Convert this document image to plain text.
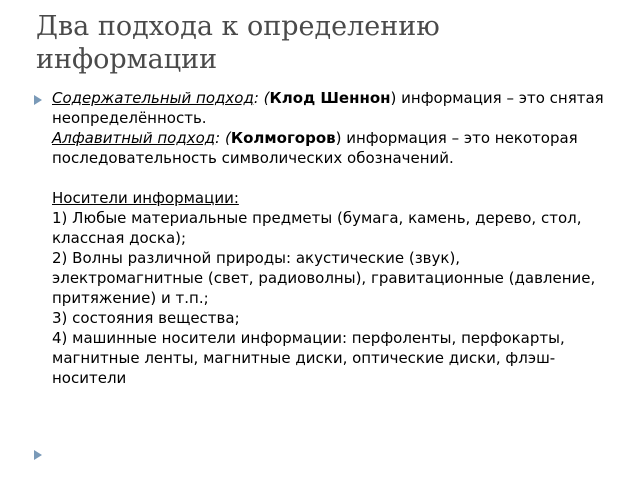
Два подхода к определению информации

Содержательный подход: (Клод Шеннон) информация – это снятая неопределённость.

Алфавитный подход: (Колмогоров) информация – это некоторая последовательность символических обозначений.

Носители информации:

1) Любые материальные предметы (бумага, камень, дерево, стол, классная доска);

2) Волны различной природы: акустические (звук), электромагнитные (свет, радиоволны), гравитационные (давление, притяжение) и т.п.;

3) состояния вещества;

4) машинные носители информации: перфоленты, перфокарты, магнитные ленты, магнитные диски, оптические диски, флэш-носители
